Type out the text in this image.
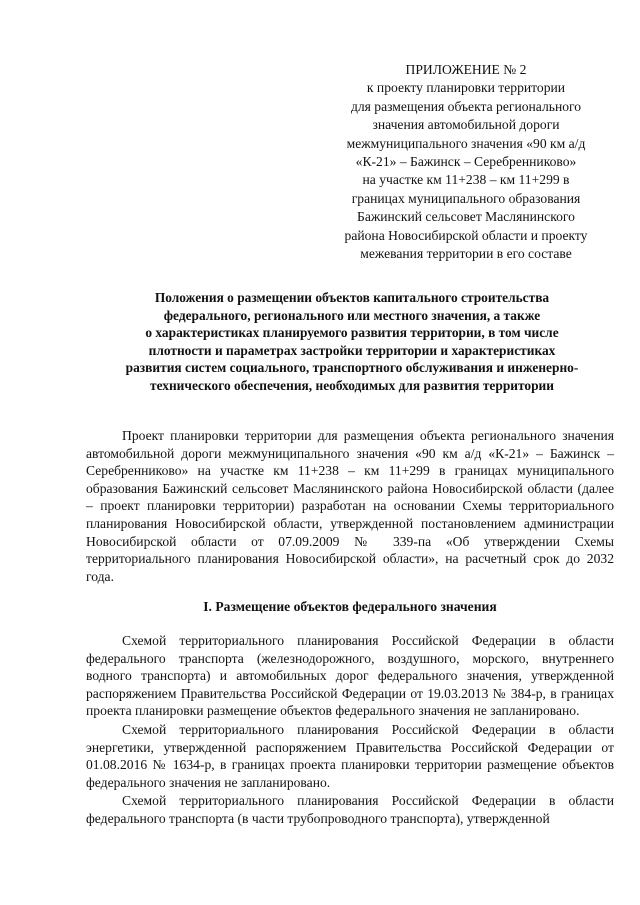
ПРИЛОЖЕНИЕ № 2
к проекту планировки территории
для размещения объекта регионального
значения автомобильной дороги
межмуниципального значения «90 км а/д
«К-21» – Бажинск – Серебренниково»
на участке км 11+238 – км 11+299 в
границах муниципального образования
Бажинский сельсовет Маслянинского
района Новосибирской области и проекту
межевания территории в его составе
Положения о размещении объектов капитального строительства
федерального, регионального или местного значения, а также
о характеристиках планируемого развития территории, в том числе
плотности и параметрах застройки территории и характеристиках
развития систем социального, транспортного обслуживания и инженерно-
технического обеспечения, необходимых для развития территории

Проект планировки территории для размещения объекта регионального значения автомобильной дороги межмуниципального значения «90 км а/д «К-21» – Бажинск – Серебренниково» на участке км 11+238 – км 11+299 в границах муниципального образования Бажинский сельсовет Маслянинского района Новосибирской области (далее – проект планировки территории) разработан на основании Схемы территориального планирования Новосибирской области, утвержденной постановлением администрации Новосибирской области от 07.09.2009 № 339-па «Об утверждении Схемы территориального планирования Новосибирской области», на расчетный срок до 2032 года.

I. Размещение объектов федерального значения

Схемой территориального планирования Российской Федерации в области федерального транспорта (железнодорожного, воздушного, морского, внутреннего водного транспорта) и автомобильных дорог федерального значения, утвержденной распоряжением Правительства Российской Федерации от 19.03.2013 № 384-р, в границах проекта планировки размещение объектов федерального значения не запланировано.

Схемой территориального планирования Российской Федерации в области энергетики, утвержденной распоряжением Правительства Российской Федерации от 01.08.2016 № 1634-р, в границах проекта планировки территории размещение объектов федерального значения не запланировано.

Схемой территориального планирования Российской Федерации в области федерального транспорта (в части трубопроводного транспорта), утвержденной
